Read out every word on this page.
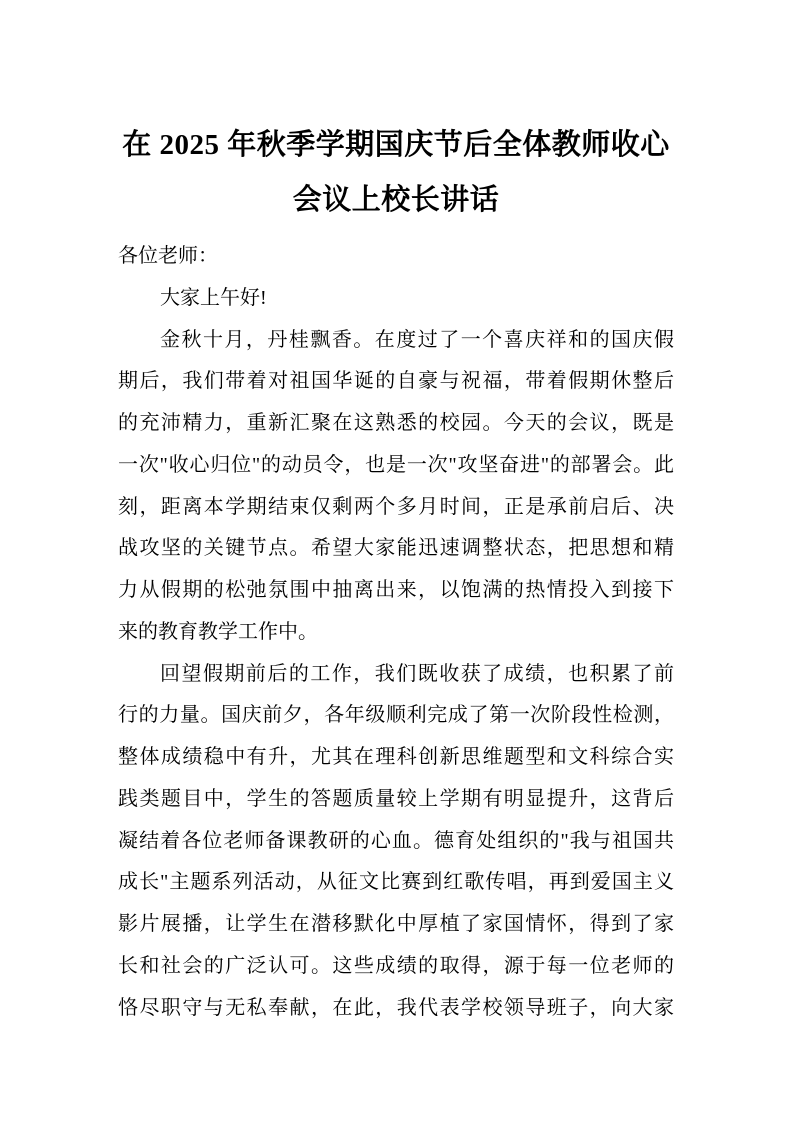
在 2025 年秋季学期国庆节后全体教师收心
会议上校长讲话
各位老师：
大家上午好!
金秋十月，丹桂飘香。在度过了一个喜庆祥和的国庆假
期后，我们带着对祖国华诞的自豪与祝福，带着假期休整后
的充沛精力，重新汇聚在这熟悉的校园。今天的会议，既是
一次"收心归位"的动员令，也是一次"攻坚奋进"的部署会。此
刻，距离本学期结束仅剩两个多月时间，正是承前启后、决
战攻坚的关键节点。希望大家能迅速调整状态，把思想和精
力从假期的松弛氛围中抽离出来，以饱满的热情投入到接下
来的教育教学工作中。
回望假期前后的工作，我们既收获了成绩，也积累了前
行的力量。国庆前夕，各年级顺利完成了第一次阶段性检测，
整体成绩稳中有升，尤其在理科创新思维题型和文科综合实
践类题目中，学生的答题质量较上学期有明显提升，这背后
凝结着各位老师备课教研的心血。德育处组织的"我与祖国共
成长"主题系列活动，从征文比赛到红歌传唱，再到爱国主义
影片展播，让学生在潜移默化中厚植了家国情怀，得到了家
长和社会的广泛认可。这些成绩的取得，源于每一位老师的
恪尽职守与无私奉献，在此，我代表学校领导班子，向大家
